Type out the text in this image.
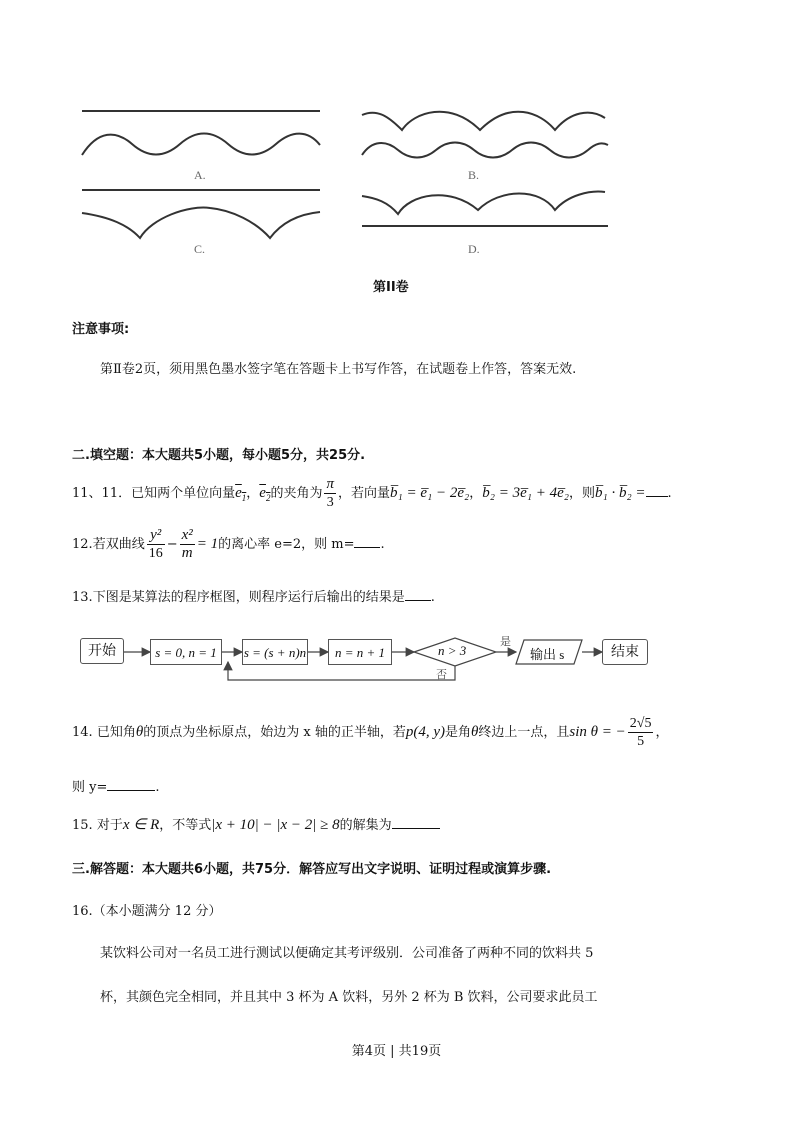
A.	B.
C.	D.
第II卷
注意事项:
第Ⅱ卷2页，须用黑色墨水签字笔在答题卡上书写作答，在试题卷上作答，答案无效.
二.填空题：本大题共5小题，每小题5分，共25分.
11、11．已知两个单位向量$e_1$，$e_2$的夹角为 $\frac{\pi}{3}$ ，若向量b̅₁ = e̅₁ − 2e̅₂，b̅₂ = 3e̅₁ + 4e̅₂，则b̅₁ · b̅₂ = .
12.若双曲线 $\frac{\text{y²}}{16} - \frac{\text{x²}}{m} = 1$的离心率 e=2，则 m= .
13.下图是某算法的程序框图，则程序运行后输出的结果是 .
开始	s = 0, n = 1	s = (s + n)n	n = n + 1	n > 3
是
否
输出 s	结束
14. 已知角θ的顶点为坐标原点，始边为 x 轴的正半轴，若p(4, y)是角θ终边上一点，且sin θ = − $\frac{2√5}{5}$ ，
则 y=	.
15. 对于x ∈ R，不等式|x + 10| − |x − 2| ≥ 8的解集为
三.解答题：本大题共6小题，共75分．解答应写出文字说明、证明过程或演算步骤.
16.（本小题满分 12 分）
某饮料公司对一名员工进行测试以便确定其考评级别．公司准备了两种不同的饮料共 5
杯，其颜色完全相同，并且其中 3 杯为 A 饮料，另外 2 杯为 B 饮料，公司要求此员工
第4页 | 共19页
